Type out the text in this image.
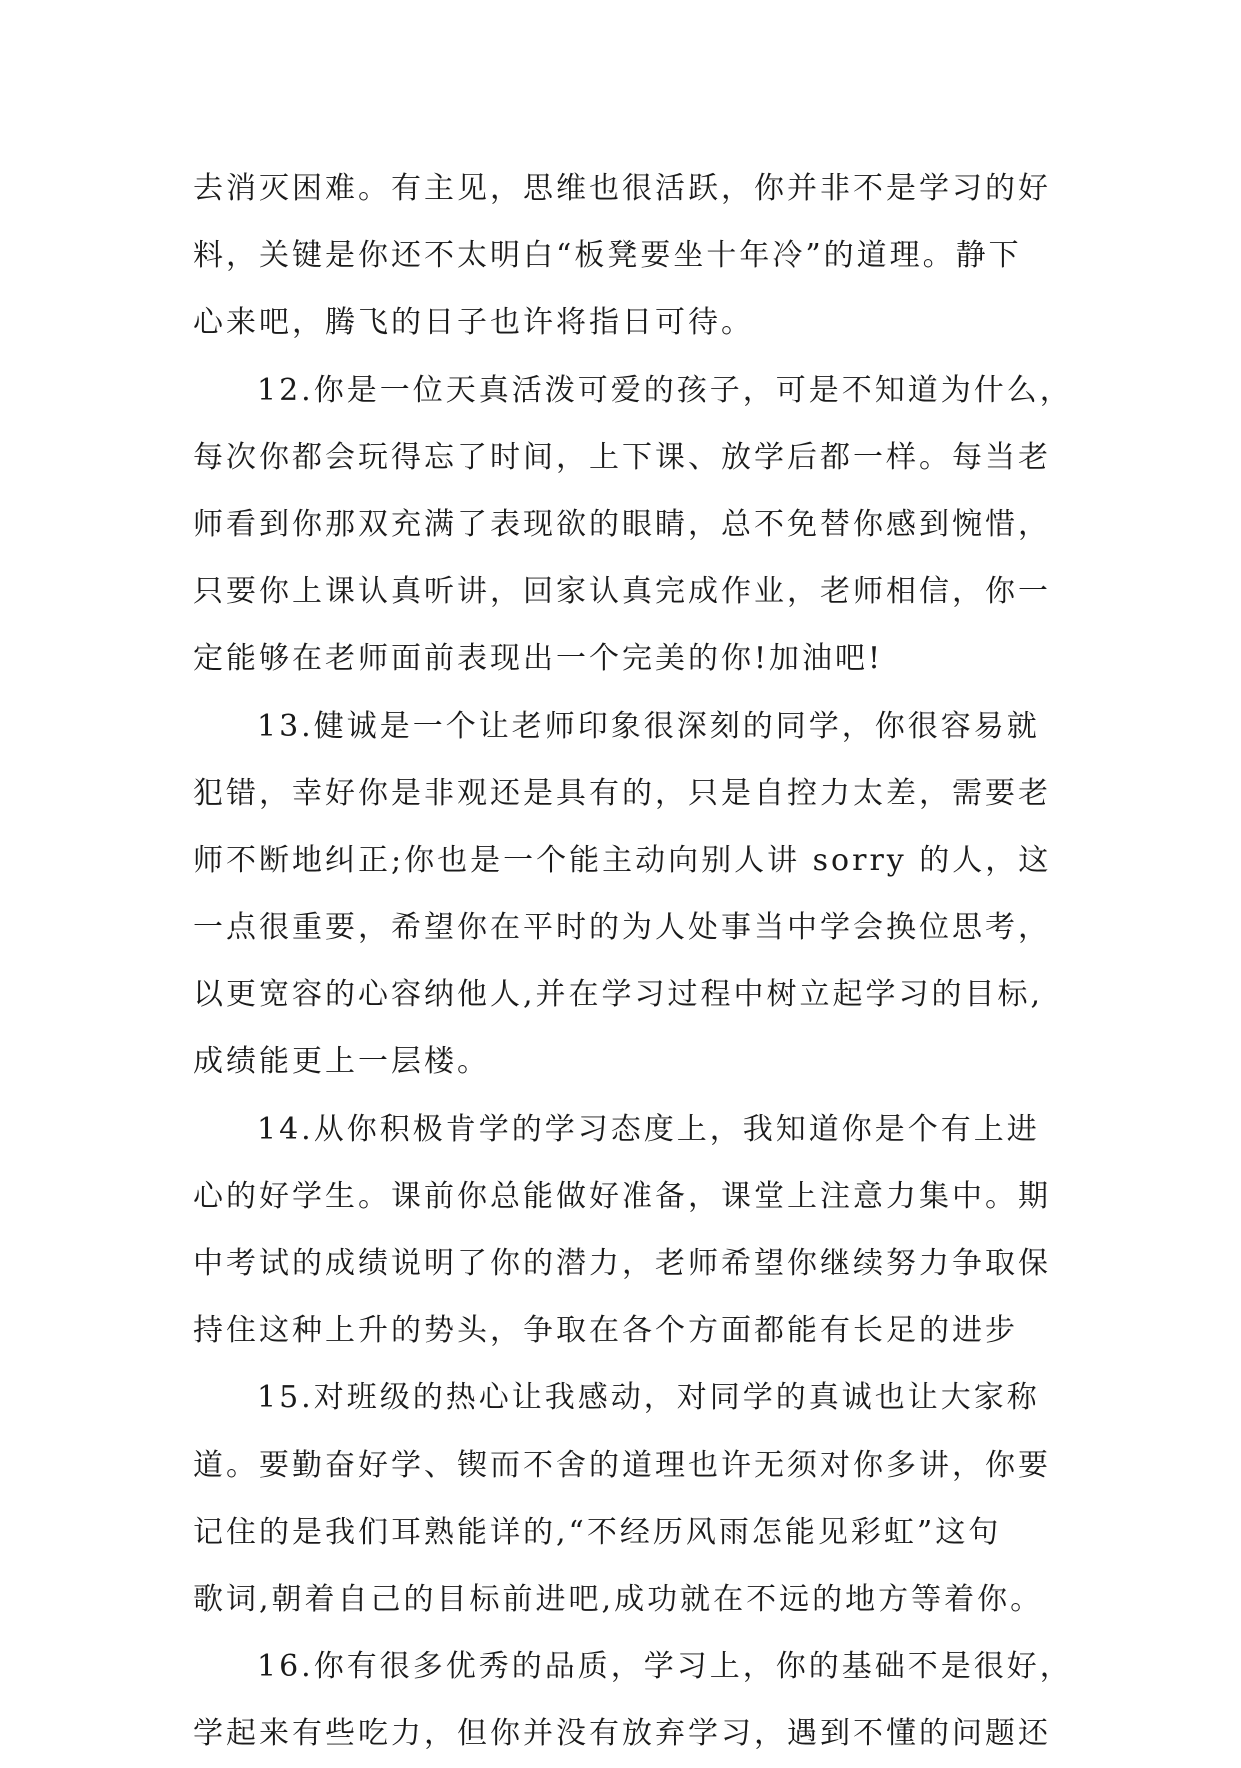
去消灭困难。有主见，思维也很活跃，你并非不是学习的好
料，关键是你还不太明白“板凳要坐十年冷”的道理。静下
心来吧，腾飞的日子也许将指日可待。
12.你是一位天真活泼可爱的孩子，可是不知道为什么，
每次你都会玩得忘了时间，上下课、放学后都一样。每当老
师看到你那双充满了表现欲的眼睛，总不免替你感到惋惜，
只要你上课认真听讲，回家认真完成作业，老师相信，你一
定能够在老师面前表现出一个完美的你!加油吧!
13.健诚是一个让老师印象很深刻的同学，你很容易就
犯错，幸好你是非观还是具有的，只是自控力太差，需要老
师不断地纠正;你也是一个能主动向别人讲 sorry 的人，这
一点很重要，希望你在平时的为人处事当中学会换位思考，
以更宽容的心容纳他人,并在学习过程中树立起学习的目标,
成绩能更上一层楼。
14.从你积极肯学的学习态度上，我知道你是个有上进
心的好学生。课前你总能做好准备，课堂上注意力集中。期
中考试的成绩说明了你的潜力，老师希望你继续努力争取保
持住这种上升的势头，争取在各个方面都能有长足的进步
15.对班级的热心让我感动，对同学的真诚也让大家称
道。要勤奋好学、锲而不舍的道理也许无须对你多讲，你要
记住的是我们耳熟能详的,“不经历风雨怎能见彩虹”这句
歌词,朝着自己的目标前进吧,成功就在不远的地方等着你。
16.你有很多优秀的品质，学习上，你的基础不是很好，
学起来有些吃力，但你并没有放弃学习，遇到不懂的问题还
